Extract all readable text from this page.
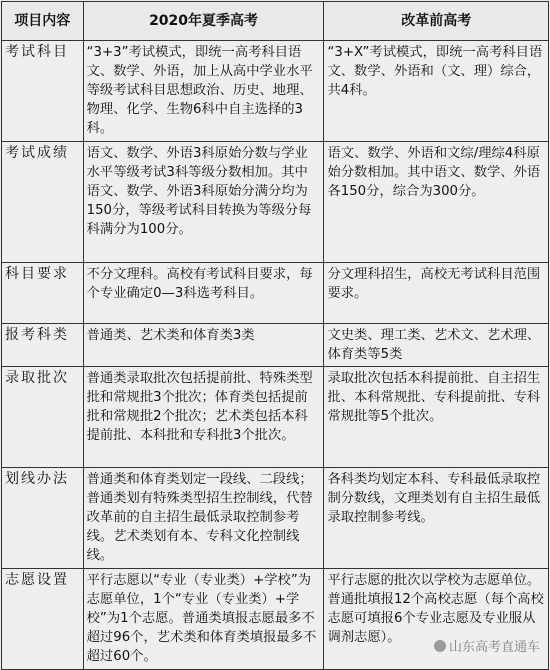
项目内容	2020年夏季高考	改革前高考
考试科目	“3+3”考试模式，即统一高考科目语文、数学、外语，加上从高中学业水平等级考试科目思想政治、历史、地理、物理、化学、生物6科中自主选择的3科。	“3+X”考试模式，即统一高考科目语文、数学、外语和（文、理）综合，共4科。
考试成绩	语文、数学、外语3科原始分数与学业水平等级考试3科等级分数相加。其中语文、数学、外语3科原始分满分均为150分，等级考试科目转换为等级分每科满分为100分。	语文、数学、外语和文综/理综4科原始分数相加。其中语文、数学、外语各150分，综合为300分。
科目要求	不分文理科。高校有考试科目要求，每个专业确定0—3科选考科目。	分文理科招生，高校无考试科目范围要求。
报考科类	普通类、艺术类和体育类3类	文史类、理工类、艺术文、艺术理、体育类等5类
录取批次	普通类录取批次包括提前批、特殊类型批和常规批3个批次；体育类包括提前批和常规批2个批次；艺术类包括本科提前批、本科批和专科批3个批次。	录取批次包括本科提前批、自主招生批、本科常规批、专科提前批、专科常规批等5个批次。
划线办法	普通类和体育类划定一段线、二段线；普通类划有特殊类型招生控制线，代替改革前的自主招生最低录取控制参考线。艺术类划有本、专科文化控制线线。	各科类均划定本科、专科最低录取控制分数线，文理类划有自主招生最低录取控制参考线。
志愿设置	平行志愿以“专业（专业类）+学校”为志愿单位，1个“专业（专业类）+学校”为1个志愿。普通类填报志愿最多不超过96个，艺术类和体育类填报最多不超过60个。	平行志愿的批次以学校为志愿单位。普通批填报12个高校志愿（每个高校志愿可填报6个专业志愿及专业服从调剂志愿）。
山东高考直通车
